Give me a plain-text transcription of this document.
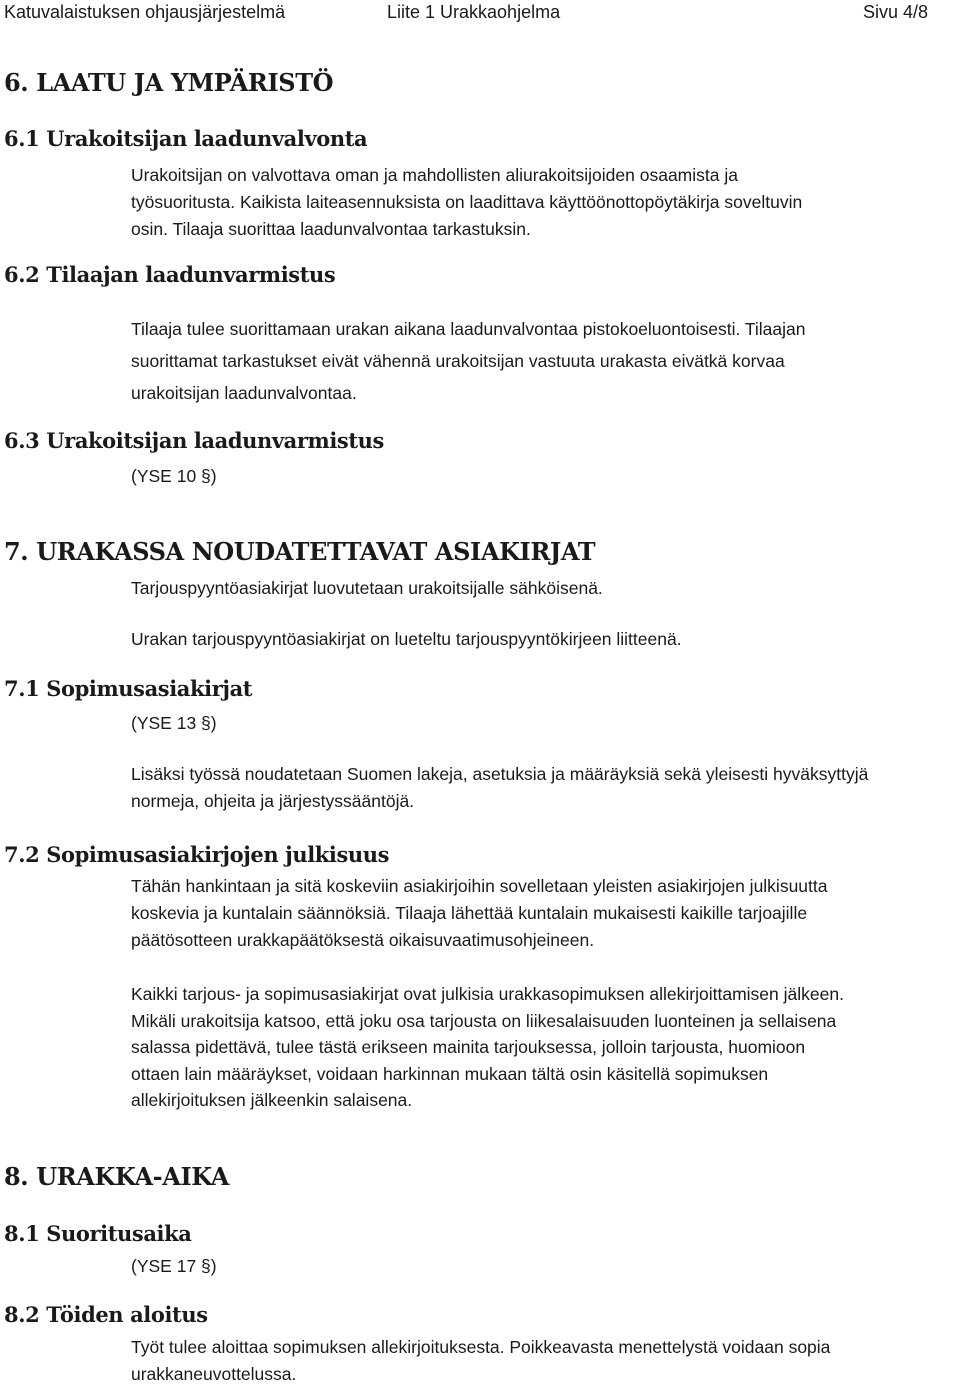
Katuvalaistuksen ohjausjärjestelmä	Liite 1 Urakkaohjelma	Sivu 4/8
6. LAATU JA YMPÄRISTÖ
6.1 Urakoitsijan laadunvalvonta
Urakoitsijan on valvottava oman ja mahdollisten aliurakoitsijoiden osaamista ja
työsuoritusta. Kaikista laiteasennuksista on laadittava käyttöönottopöytäkirja soveltuvin
osin. Tilaaja suorittaa laadunvalvontaa tarkastuksin.
6.2 Tilaajan laadunvarmistus
Tilaaja tulee suorittamaan urakan aikana laadunvalvontaa pistokoeluontoisesti. Tilaajan
suorittamat tarkastukset eivät vähennä urakoitsijan vastuuta urakasta eivätkä korvaa
urakoitsijan laadunvalvontaa.
6.3 Urakoitsijan laadunvarmistus
(YSE 10 §)
7. URAKASSA NOUDATETTAVAT ASIAKIRJAT
Tarjouspyyntöasiakirjat luovutetaan urakoitsijalle sähköisenä.
Urakan tarjouspyyntöasiakirjat on lueteltu tarjouspyyntökirjeen liitteenä.
7.1 Sopimusasiakirjat
(YSE 13 §)
Lisäksi työssä noudatetaan Suomen lakeja, asetuksia ja määräyksiä sekä yleisesti hyväksyttyjä
normeja, ohjeita ja järjestyssääntöjä.
7.2 Sopimusasiakirjojen julkisuus
Tähän hankintaan ja sitä koskeviin asiakirjoihin sovelletaan yleisten asiakirjojen julkisuutta
koskevia ja kuntalain säännöksiä. Tilaaja lähettää kuntalain mukaisesti kaikille tarjoajille
päätösotteen urakkapäätöksestä oikaisuvaatimusohjeineen.
Kaikki tarjous- ja sopimusasiakirjat ovat julkisia urakkasopimuksen allekirjoittamisen jälkeen.
Mikäli urakoitsija katsoo, että joku osa tarjousta on liikesalaisuuden luonteinen ja sellaisena
salassa pidettävä, tulee tästä erikseen mainita tarjouksessa, jolloin tarjousta, huomioon
ottaen lain määräykset, voidaan harkinnan mukaan tältä osin käsitellä sopimuksen
allekirjoituksen jälkeenkin salaisena.
8. URAKKA-AIKA
8.1 Suoritusaika
(YSE 17 §)
8.2 Töiden aloitus
Työt tulee aloittaa sopimuksen allekirjoituksesta. Poikkeavasta menettelystä voidaan sopia
urakkaneuvottelussa.
